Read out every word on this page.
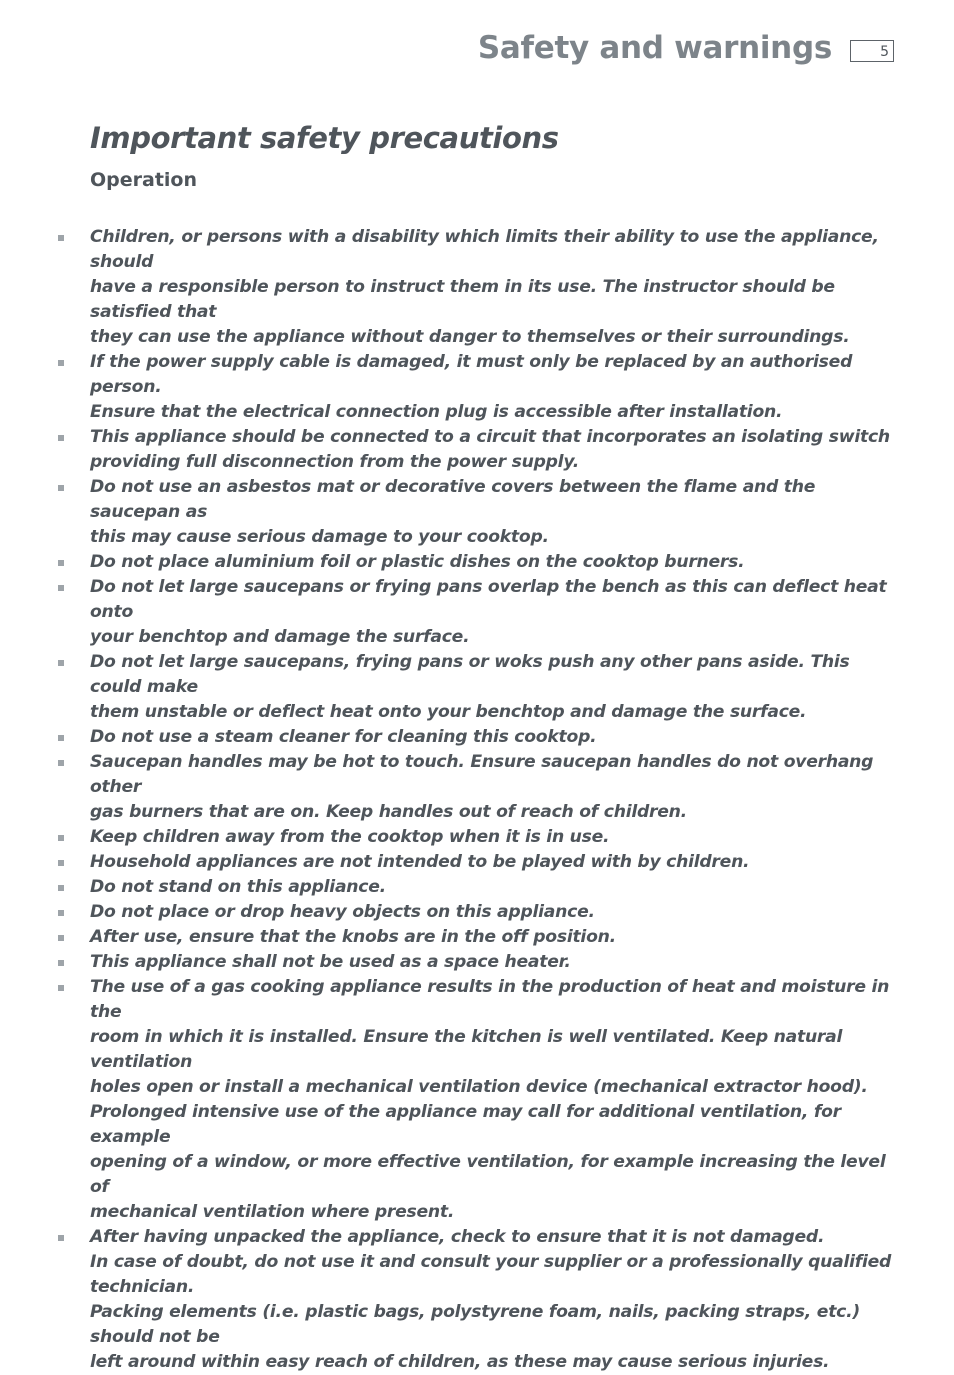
Safety and warnings	5
Important safety precautions
Operation
Children, or persons with a disability which limits their ability to use the appliance, should
have a responsible person to instruct them in its use. The instructor should be satisfied that
they can use the appliance without danger to themselves or their surroundings.
If the power supply cable is damaged, it must only be replaced by an authorised person.
Ensure that the electrical connection plug is accessible after installation.
This appliance should be connected to a circuit that incorporates an isolating switch
providing full disconnection from the power supply.
Do not use an asbestos mat or decorative covers between the flame and the saucepan as
this may cause serious damage to your cooktop.
Do not place aluminium foil or plastic dishes on the cooktop burners.
Do not let large saucepans or frying pans overlap the bench as this can deflect heat onto
your benchtop and damage the surface.
Do not let large saucepans, frying pans or woks push any other pans aside. This could make
them unstable or deflect heat onto your benchtop and damage the surface.
Do not use a steam cleaner for cleaning this cooktop.
Saucepan handles may be hot to touch. Ensure saucepan handles do not overhang other
gas burners that are on. Keep handles out of reach of children.
Keep children away from the cooktop when it is in use.
Household appliances are not intended to be played with by children.
Do not stand on this appliance.
Do not place or drop heavy objects on this appliance.
After use, ensure that the knobs are in the off position.
This appliance shall not be used as a space heater.
The use of a gas cooking appliance results in the production of heat and moisture in the
room in which it is installed. Ensure the kitchen is well ventilated. Keep natural ventilation
holes open or install a mechanical ventilation device (mechanical extractor hood).
Prolonged intensive use of the appliance may call for additional ventilation, for example
opening of a window, or more effective ventilation, for example increasing the level of
mechanical ventilation where present.
After having unpacked the appliance, check to ensure that it is not damaged.
In case of doubt, do not use it and consult your supplier or a professionally qualified technician.
Packing elements (i.e. plastic bags, polystyrene foam, nails, packing straps, etc.) should not be
left around within easy reach of children, as these may cause serious injuries.
